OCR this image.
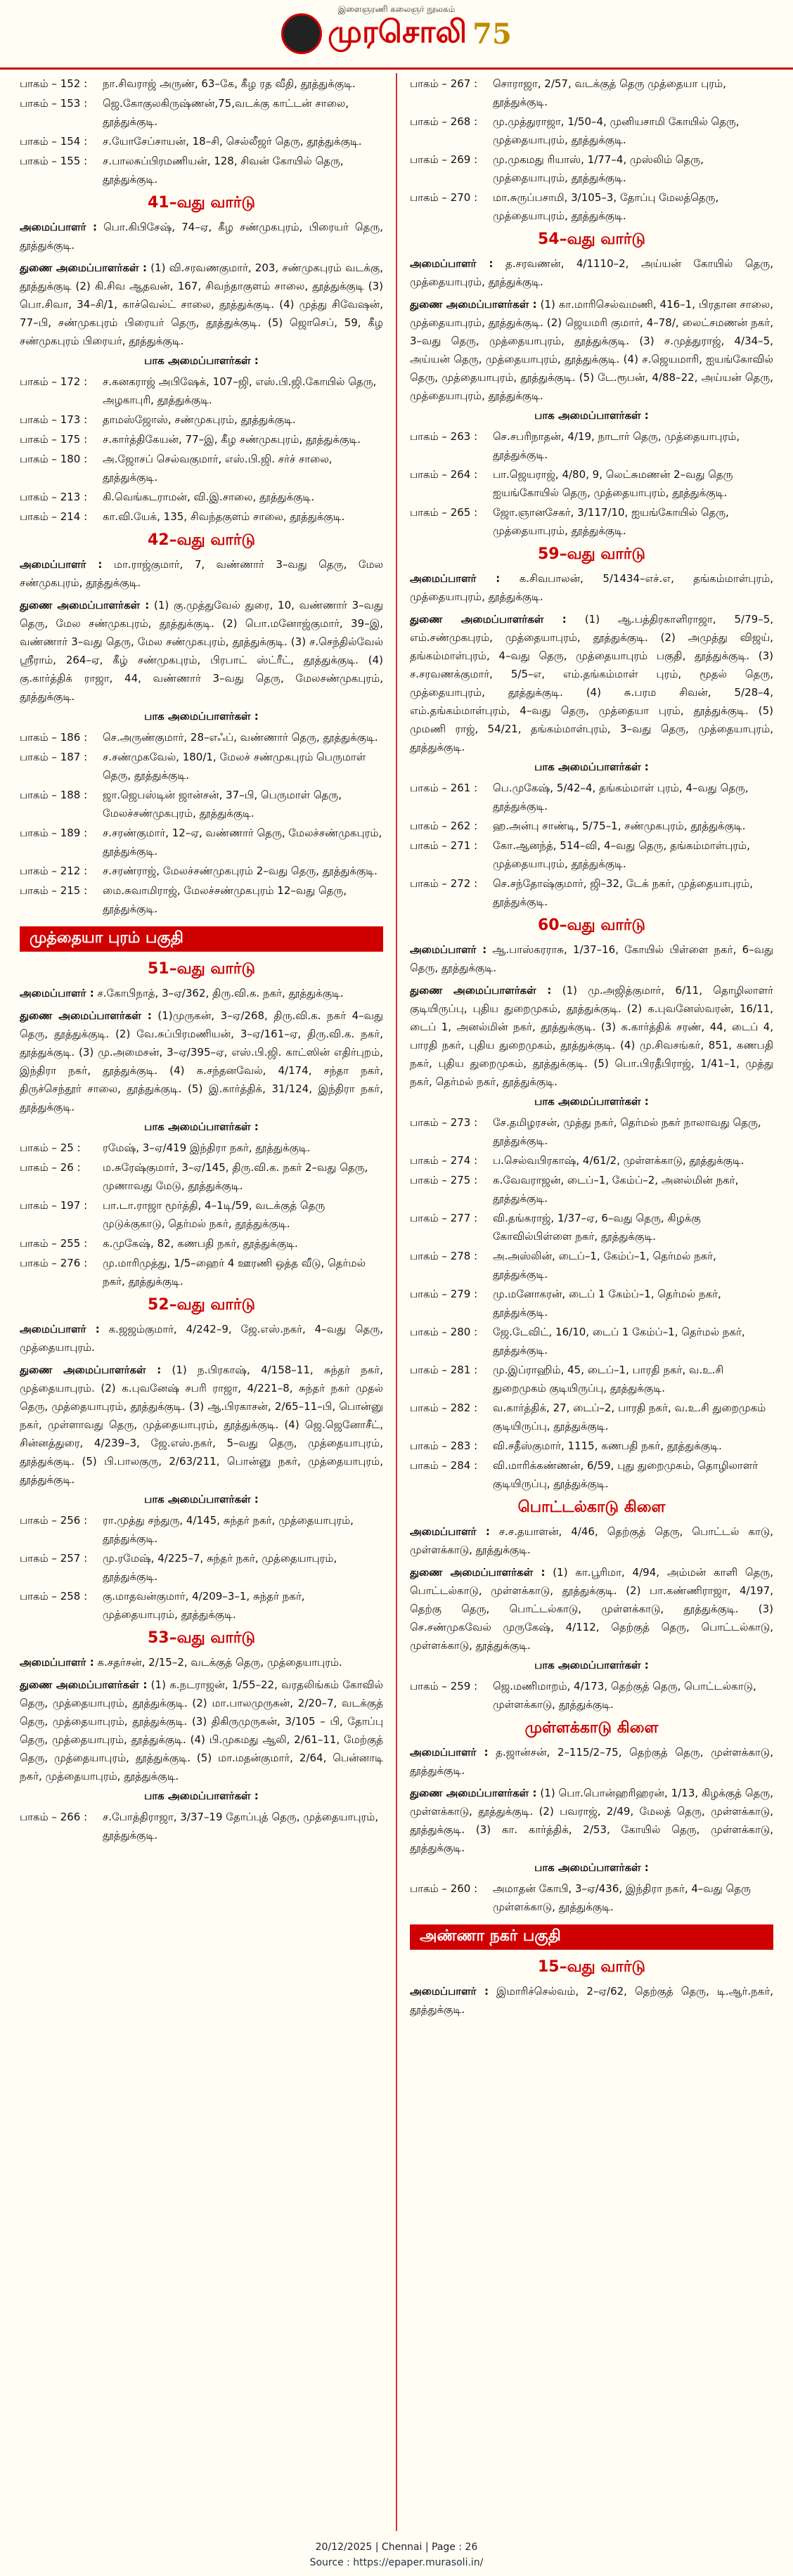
இளைஞரணி கலைஞர் நூலகம்
முரசொலி 75
பாகம் – 152 :	நா.சிவராஜ் அருண், 63–கே, கீழ ரத வீதி, தூத்துக்குடி.
பாகம் – 153 :	ஜெ.கோகுலகிருஷ்ணன்,75,வடக்கு காட்டன் சாலை, தூத்துக்குடி.
பாகம் – 154 :	ச.யோசேப்சாயன், 18–சி, செல்லீஜர் தெரு, தூத்துக்குடி.
பாகம் – 155 :	ச.பாலசுப்பிரமணியன், 128, சிவன் கோயில் தெரு, தூத்துக்குடி.
41–வது வார்டு
அமைப்பாளர் : பொ.கிபிசேஷ், 74–ஏ, கீழ சண்முகபுரம், பிரையர் தெரு, தூத்துக்குடி.
துணை அமைப்பாளர்கள் : (1) வி.சரவணகுமார், 203, சண்முகபுரம் வடக்கு, தூத்துக்குடி (2) கி.சிவ ஆதவன், 167, சிவந்தாகுளம் சாலை, தூத்துக்குடி (3) பொ.சிவா, 34–சி/1, காச்வெல்ட் சாலை, தூத்துக்குடி. (4) முத்து சிவேஷன், 77–பி, சண்முகபுரம் பிரையர் தெரு, தூத்துக்குடி. (5) ஜொசெப், 59, கீழ சண்முகபுரம் பிரையர், தூத்துக்குடி.
பாக அமைப்பாளர்கள் :
பாகம் – 172 :	ச.கனகராஜ் அபிஷேக், 107–ஜி, எஸ்.பி.ஜி.கோயில் தெரு, அழகாபுரி, தூத்துக்குடி.
பாகம் – 173 :	தாமஸ்ஜோஸ், சண்முகபுரம், தூத்துக்குடி.
பாகம் – 175 :	ச.கார்த்திகேயன், 77–இ, கீழ சண்முகபுரம், தூத்துக்குடி.
பாகம் – 180 :	அ.ஜோசப் செல்வகுமார், எஸ்.பி.ஜி. சர்ச் சாலை, தூத்துக்குடி.
பாகம் – 213 :	கி.வெங்கடராமன், வி.இ.சாலை, தூத்துக்குடி.
பாகம் – 214 :	கா.வி.யேக், 135, சிவந்தகுளம் சாலை, தூத்துக்குடி.
42–வது வார்டு
அமைப்பாளர் : மா.ராஜ்குமார், 7, வண்ணார் 3–வது தெரு, மேல சண்முகபுரம், தூத்துக்குடி.
துணை அமைப்பாளர்கள் : (1) கு.முத்துவேல் துரை, 10, வண்ணார் 3–வது தெரு, மேல சண்முகபுரம், தூத்துக்குடி. (2) பொ.மனோஜ்குமார், 39–இ, வண்ணார் 3–வது தெரு, மேல சண்முகபுரம், தூத்துக்குடி. (3) ச.செந்தில்வேல் ஸ்ரீராம், 264–ஏ, கீழ் சண்முகபுரம், பிரபாட் ஸ்ட்ரீட், தூத்துக்குடி. (4) கு.கார்த்திக் ராஜா, 44, வண்ணார் 3–வது தெரு, மேலசண்முகபுரம், தூத்துக்குடி.
பாக அமைப்பாளர்கள் :
பாகம் – 186 :	செ.அருண்குமார், 28–எஃப், வண்ணார் தெரு, தூத்துக்குடி.
பாகம் – 187 :	ச.சண்முகவேல், 180/1, மேலச் சண்முகபுரம் பெருமாள் தெரு, தூத்துக்குடி.
பாகம் – 188 :	ஜா.ஜெபஸ்டின் ஜான்சன், 37–பி, பெருமாள் தெரு, மேலச்சண்முகபுரம், தூத்துக்குடி.
பாகம் – 189 :	ச.சரண்குமார், 12–ஏ, வண்ணார் தெரு, மேலச்சண்முகபுரம், தூத்துக்குடி.
பாகம் – 212 :	ச.சரண்ராஜ், மேலச்சண்முகபுரம் 2–வது தெரு, தூத்துக்குடி.
பாகம் – 215 :	மை.சுவாமிராஜ், மேலச்சண்முகபுரம் 12–வது தெரு, தூத்துக்குடி.
முத்தையா புரம் பகுதி
51–வது வார்டு
அமைப்பாளர் : ச.கோபிநாத், 3–ஏ/362, திரு.வி.க. நகர், தூத்துக்குடி.
துணை அமைப்பாளர்கள் : (1)முருகன், 3–ஏ/268, திரு.வி.க. நகர் 4–வது தெரு, தூத்துக்குடி. (2) வே.சுப்பிரமணியன், 3–ஏ/161–ஏ, திரு.வி.க. நகர், தூத்துக்குடி. (3) மு.அமைசன், 3–ஏ/395–ஏ, எஸ்.பி.ஜி. காட்ஸின் எதிர்புறம், இந்திரா நகர், தூத்துக்குடி. (4) க.சந்தனவேல், 4/174, சந்தா நகர், திருச்செந்தூர் சாலை, தூத்துக்குடி. (5) இ.கார்த்திக், 31/124, இந்திரா நகர், தூத்துக்குடி.
பாக அமைப்பாளர்கள் :
பாகம் – 25 :	ரமேஷ், 3–ஏ/419 இந்திரா நகர், தூத்துக்குடி.
பாகம் – 26 :	ம.சுரேஷ்குமார், 3–ஏ/145, திரு.வி.க. நகர் 2–வது தெரு, முணாவது மேடு, தூத்துக்குடி.
பாகம் – 197 :	பா.டா.ராஜா மூர்த்தி, 4–1டி/59, வடக்குத் தெரு முடுக்குகாடு, தெர்மல் நகர், தூத்துக்குடி.
பாகம் – 255 :	க.முகேஷ், 82, கணபதி நகர், தூத்துக்குடி.
பாகம் – 276 :	மு.மாரிமுத்து, 1/5–ஹைர் 4 ஊரணி ஒத்த வீடு, தெர்மல் நகர், தூத்துக்குடி.
52–வது வார்டு
அமைப்பாளர் : க.ஜஜம்குமார், 4/242–9, ஜே.எஸ்.நகர், 4–வது தெரு, முத்தையாபுரம்.
துணை அமைப்பாளர்கள் : (1) ந.பிரகாஷ், 4/158–11, சுந்தர் நகர், முத்தையாபுரம். (2) க.புவனேஷ் சபரி ராஜா, 4/221–8, சுந்தர் நகர் முதல் தெரு, முத்தையாபுரம், தூத்துக்குடி. (3) ஆ.பிரகாசன், 2/65–11–பி, பொன்னு நகர், முள்ளாவது தெரு, முத்தையாபுரம், தூத்துக்குடி. (4) ஜெ.ஜெனோசீட், சின்னத்துரை, 4/239–3, ஜே.எஸ்.நகர், 5–வது தெரு, முத்தையாபுரம், தூத்துக்குடி. (5) பி.பாலகுரு, 2/63/211, பொன்னு நகர், முத்தையாபுரம், தூத்துக்குடி.
பாக அமைப்பாளர்கள் :
பாகம் – 256 :	ரா.முத்து சந்துரு, 4/145, சுந்தர் நகர், முத்தையாபுரம், தூத்துக்குடி.
பாகம் – 257 :	மு.ரமேஷ், 4/225–7, சுந்தர் நகர், முத்தையாபுரம், தூத்துக்குடி.
பாகம் – 258 :	கு.மாதவன்குமார், 4/209–3–1, சுந்தர் நகர், முத்தையாபுரம், தூத்துக்குடி.
53–வது வார்டு
அமைப்பாளர் : க.சதர்சன், 2/15–2, வடக்குத் தெரு, முத்தையாபுரம்.
துணை அமைப்பாளர்கள் : (1) க.நடராஜன், 1/55–22, வரதலிங்கம் கோவில் தெரு, முத்தையாபுரம், தூத்துக்குடி. (2) மா.பாலமுருகன், 2/20–7, வடக்குத் தெரு, முத்தையாபுரம், தூத்துக்குடி. (3) திகிருமுருகன், 3/105 – பி, தோப்பு தெரு, முத்தையாபுரம், தூத்துக்குடி. (4) பி.முகமது ஆலி, 2/61–11, மேற்குத் தெரு, முத்தையாபுரம், தூத்துக்குடி. (5) மா.மதன்குமார், 2/64, பென்னாடி நகர், முத்தையாபுரம், தூத்துக்குடி.
பாக அமைப்பாளர்கள் :
பாகம் – 266 :	ச.போத்திராஜா, 3/37–19 தோப்புத் தெரு, முத்தையாபுரம், தூத்துக்குடி.
பாகம் – 267 :	சொராஜா, 2/57, வடக்குத் தெரு முத்தையா புரம், தூத்துக்குடி.
பாகம் – 268 :	மு.முத்துராஜா, 1/50–4, முனியசாமி கோயில் தெரு, முத்தையாபுரம், தூத்துக்குடி.
பாகம் – 269 :	மு.முகமது ரியாஸ், 1/77–4, முஸ்லிம் தெரு, முத்தையாபுரம், தூத்துக்குடி.
பாகம் – 270 :	மா.சுருப்பசாமி, 3/105–3, தோப்பு மேலத்தெரு, முத்தையாபுரம், தூத்துக்குடி.
54–வது வார்டு
அமைப்பாளர் : த.சரவணன், 4/1110–2, அய்யன் கோயில் தெரு, முத்தையாபுரம், தூத்துக்குடி.
துணை அமைப்பாளர்கள் : (1) கா.மாரிசெல்வமணி, 416–1, பிரதான சாலை, முத்தையாபுரம், தூத்துக்குடி. (2) ஜெயமரி குமார், 4–78/, லைட்சமணன் நகர், 3–வது தெரு, முத்தையாபுரம், தூத்துக்குடி. (3) ச.முத்துராஜ், 4/34–5, அய்யன் தெரு, முத்தையாபுரம், தூத்துக்குடி. (4) ச.ஜெயமாரி, ஐயங்கோவில் தெரு, முத்தையாபுரம், தூத்துக்குடி. (5) டே.ரூபன், 4/88–22, அய்யன் தெரு, முத்தையாபுரம், தூத்துக்குடி.
பாக அமைப்பாளர்கள் :
பாகம் – 263 :	செ.சபரிநாதன், 4/19, நாடார் தெரு, முத்தையாபுரம், தூத்துக்குடி.
பாகம் – 264 :	பா.ஜெயராஜ், 4/80, 9, லெட்சுமணன் 2–வது தெரு ஐயங்கோயில் தெரு, முத்தையாபுரம், தூத்துக்குடி.
பாகம் – 265 :	ஜோ.ஞானசேகர், 3/117/10, ஐயங்கோயில் தெரு, முத்தையாபுரம், தூத்துக்குடி.
59–வது வார்டு
அமைப்பாளர் : க.சிவபாலன், 5/1434–எச்.எ, தங்கம்மாள்புரம், முத்தையாபுரம், தூத்துக்குடி.
துணை அமைப்பாளர்கள் : (1) ஆ.பத்திரகாளிராஜா, 5/79–5, எம்.சண்முகபுரம், முத்தையாபுரம், தூத்துக்குடி. (2) அமுத்து விஜய், தங்கம்மாள்புரம், 4–வது தெரு, முத்தையாபுரம் பகுதி, தூத்துக்குடி. (3) ச.சரவணக்குமார், 5/5–எ, எம்.தங்கம்மாள் புரம், மூதல் தெரு, முத்தையாபுரம், தூத்துக்குடி. (4) சு.பரம சிவன், 5/28–4, எம்.தங்கம்மாள்புரம், 4–வது தெரு, முத்தையா புரம், தூத்துக்குடி. (5) முமணி ராஜ், 54/21, தங்கம்மாள்புரம், 3–வது தெரு, முத்தையாபுரம், தூத்துக்குடி.
பாக அமைப்பாளர்கள் :
பாகம் – 261 :	பெ.முகேஷ், 5/42–4, தங்கம்மாள் புரம், 4–வது தெரு, தூத்துக்குடி.
பாகம் – 262 :	ஹ.அன்பு சாண்டி, 5/75–1, சண்முகபுரம், தூத்துக்குடி.
பாகம் – 271 :	கோ.ஆனந்த், 514–வி, 4–வது தெரு, தங்கம்மாள்புரம், முத்தையாபுரம், தூத்துக்குடி.
பாகம் – 272 :	செ.சந்தோஷ்குமார், ஜி–32, டேக் நகர், முத்தையாபுரம், தூத்துக்குடி.
60–வது வார்டு
அமைப்பாளர் : ஆ.பாஸ்கரராசு, 1/37–16, கோயில் பிள்ளை நகர், 6–வது தெரு, தூத்துக்குடி.
துணை அமைப்பாளர்கள் : (1) மு.அஜித்குமார், 6/11, தொழிலாளர் குடியிருப்பு, புதிய துறைமுகம், தூத்துக்குடி. (2) க.புவனேஸ்வரன், 16/11, டைப் 1, அனல்மின் நகர், தூத்துக்குடி. (3) க.கார்த்திக் சரண், 44, டைப் 4, பாரதி நகர், புதிய துறைமுகம், தூத்துக்குடி. (4) மு.சிவசங்கர், 851, கணபதி நகர், புதிய துறைமுகம், தூத்துக்குடி. (5) பொ.பிரதீபிராஜ், 1/41–1, முத்து நகர், தெர்மல் நகர், தூத்துக்குடி.
பாக அமைப்பாளர்கள் :
பாகம் – 273 :	சே.தமிழரசன், முத்து நகர், தெர்மல் நகர் நாலாவது தெரு, தூத்துக்குடி.
பாகம் – 274 :	ப.செல்வபிரகாஷ், 4/61/2, முள்ளக்காடு, தூத்துக்குடி.
பாகம் – 275 :	க.வேவராஜன், டைப்–1, கேம்ப்–2, அனல்மின் நகர், தூத்துக்குடி.
பாகம் – 277 :	வி.தங்கராஜ், 1/37–ஏ, 6–வது தெரு, கிழக்கு கோவில்பிள்ளை நகர், தூத்துக்குடி.
பாகம் – 278 :	அ.அஸ்லின், டைப்–1, கேம்ப்–1, தெர்மல் நகர், தூத்துக்குடி.
பாகம் – 279 :	மு.மனோகரன், டைப் 1 கேம்ப்–1, தெர்மல் நகர், தூத்துக்குடி.
பாகம் – 280 :	ஜே.டேவிட், 16/10, டைப் 1 கேம்ப்–1, தெர்மல் நகர், தூத்துக்குடி.
பாகம் – 281 :	மு.இப்ராஹிம், 45, டைப்–1, பாரதி நகர், வ.உ.சி துறைமுகம் குடியிருப்பு, தூத்துக்குடி.
பாகம் – 282 :	வ.கார்த்திக், 27, டைப்–2, பாரதி நகர், வ.உ.சி துறைமுகம் குடியிருப்பு, தூத்துக்குடி.
பாகம் – 283 :	வி.சதீஸ்குமார், 1115, கணபதி நகர், தூத்துக்குடி.
பாகம் – 284 :	வி.மாரிக்கண்ணன், 6/59, புது துறைமுகம், தொழிலாளர் குடியிருப்பு, தூத்துக்குடி.
பொட்டல்காடு கிளை
அமைப்பாளர் : ச.ச.தயாளன், 4/46, தெற்குத் தெரு, பொட்டல் காடு, முள்ளக்காடு, தூத்துக்குடி.
துணை அமைப்பாளர்கள் : (1) கா.பூரிமா, 4/94, அம்மன் காளி தெரு, பொட்டல்காடு, முள்ளக்காடு, தூத்துக்குடி. (2) பா.கண்ணிராஜா, 4/197, தெற்கு தெரு, பொட்டல்காடு, முள்ளக்காடு, தூத்துக்குடி. (3) செ.சண்முகவேல் முருகேஷ், 4/112, தெற்குத் தெரு, பொட்டல்காடு, முள்ளக்காடு, தூத்துக்குடி.
பாக அமைப்பாளர்கள் :
பாகம் – 259 :	ஜெ.மணிமாறம், 4/173, தெற்குத் தெரு, பொட்டல்காடு, முள்ளக்காடு, தூத்துக்குடி.
முள்ளக்காடு கிளை
அமைப்பாளர் : த.ஜான்சன், 2–115/2–75, தெற்குத் தெரு, முள்ளக்காடு, தூத்துக்குடி.
துணை அமைப்பாளர்கள் : (1) பொ.பொன்ஹரிஹரன், 1/13, கிழக்குத் தெரு, முள்ளக்காடு, தூத்துக்குடி. (2) பவராஜ், 2/49, மேலத் தெரு, முள்ளக்காடு, தூத்துக்குடி. (3) கா. கார்த்திக், 2/53, கோயில் தெரு, முள்ளக்காடு, தூத்துக்குடி.
பாக அமைப்பாளர்கள் :
பாகம் – 260 :	அமாதன் கோபி, 3–ஏ/436, இந்திரா நகர், 4–வது தெரு முள்ளக்காடு, தூத்துக்குடி.
அண்ணா நகர் பகுதி
15–வது வார்டு
அமைப்பாளர் : இமாரிச்செல்வம், 2–ஏ/62, தெற்குத் தெரு, டி.ஆர்.நகர், தூத்துக்குடி.
20/12/2025 | Chennai | Page : 26
Source : https://epaper.murasoli.in/
